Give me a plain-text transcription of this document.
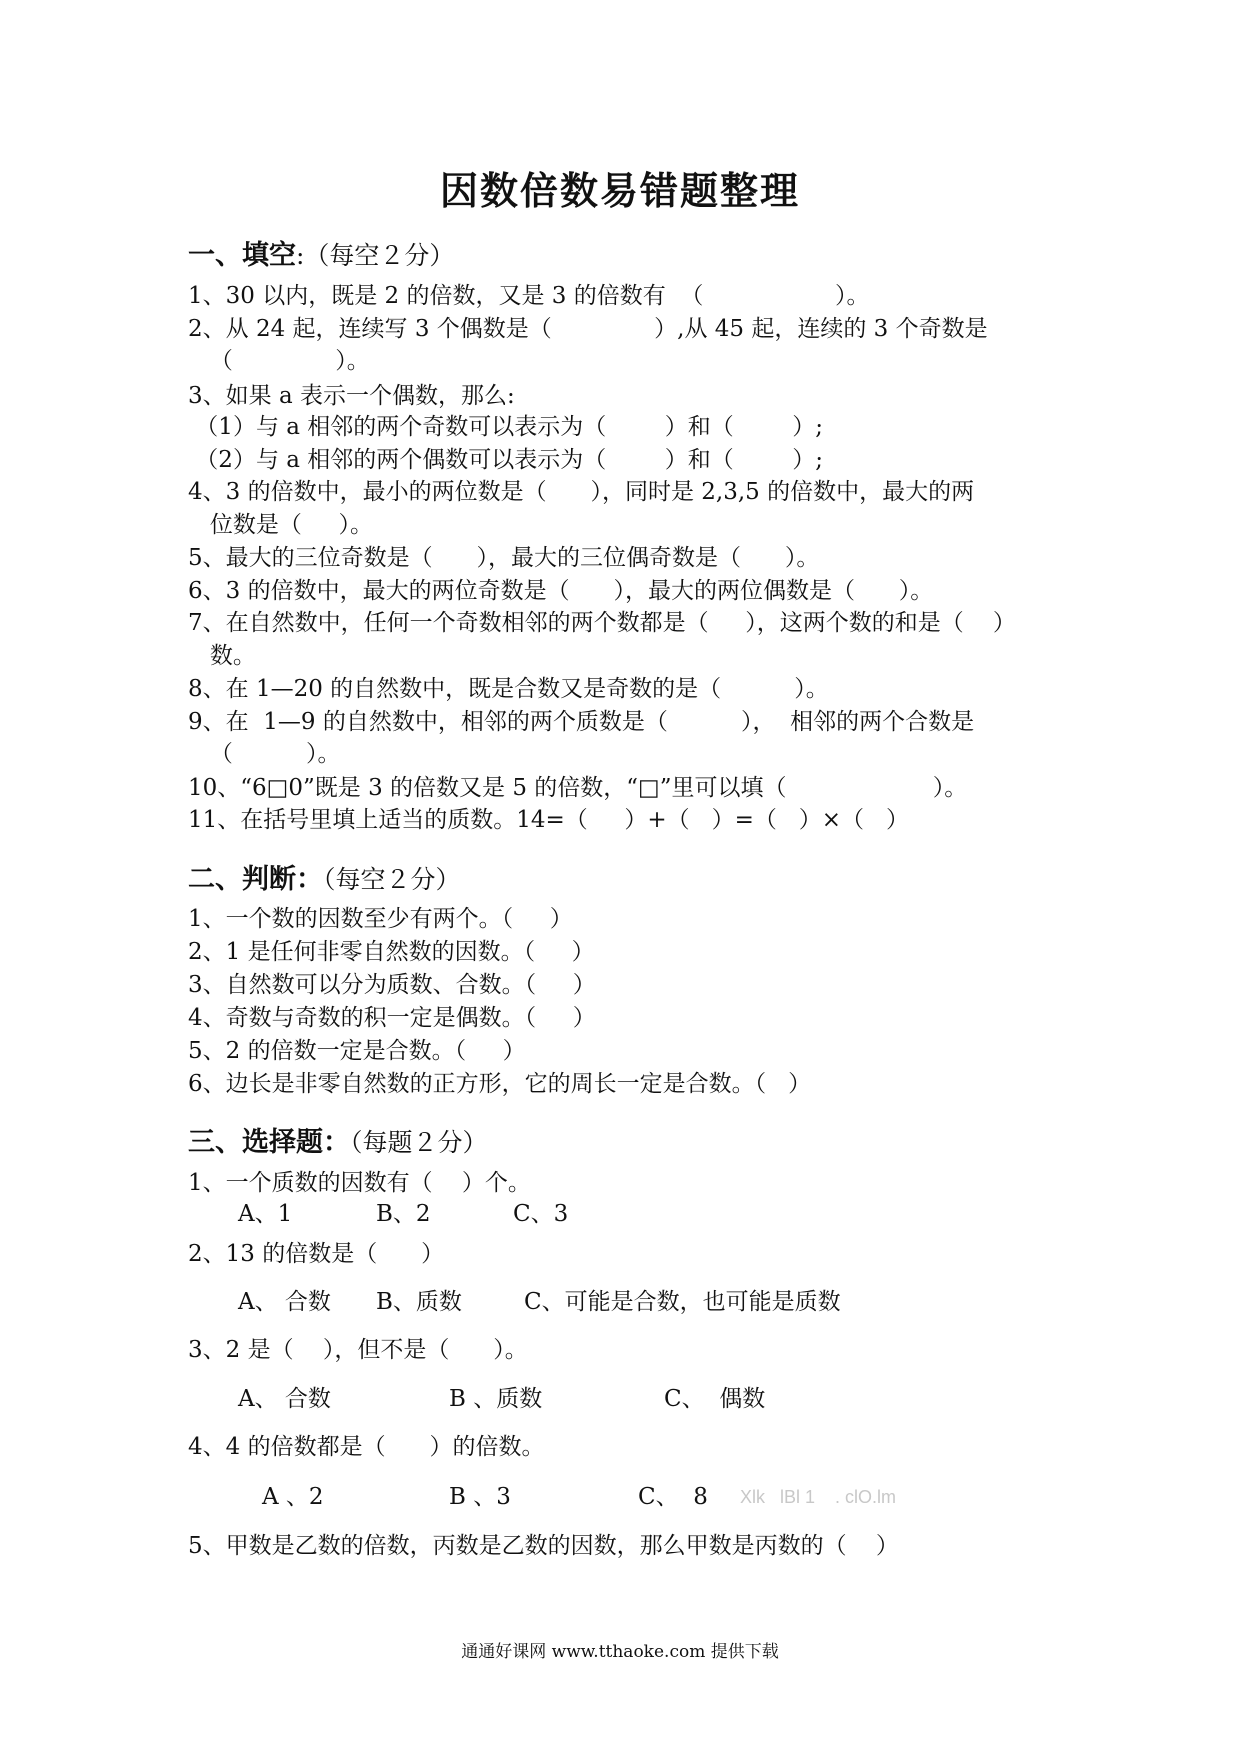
因数倍数易错题整理
一、填空:（每空２分）
1、30 以内，既是 2 的倍数，又是 3 的倍数有  （                  ）。
2、从 24 起，连续写 3 个偶数是（              ）,从 45 起，连续的 3 个奇数是
（              ）。
3、如果 a 表示一个偶数，那么:
（1）与 a 相邻的两个奇数可以表示为（        ）和（        ）;
（2）与 a 相邻的两个偶数可以表示为（        ）和（        ）;
4、3 的倍数中，最小的两位数是（      ），同时是 2,3,5 的倍数中，最大的两
位数是（     ）。
5、最大的三位奇数是（      ），最大的三位偶奇数是（      ）。
6、3 的倍数中，最大的两位奇数是（      ），最大的两位偶数是（      ）。
7、在自然数中，任何一个奇数相邻的两个数都是（     ），这两个数的和是（    ）
数。
8、在 1—20 的自然数中，既是合数又是奇数的是（          ）。
9、在  1—9 的自然数中，相邻的两个质数是（          ），  相邻的两个合数是
（          ）。
10、“6□0”既是 3 的倍数又是 5 的倍数，“□”里可以填（                    ）。
11、在括号里填上适当的质数。14=（     ）+（   ）=（   ）×（   ）
二、判断：（每空２分）
1、一个数的因数至少有两个。（     ）
2、1 是任何非零自然数的因数。（     ）
3、自然数可以分为质数、合数。（     ）
4、奇数与奇数的积一定是偶数。（     ）
5、2 的倍数一定是合数。（     ）
6、边长是非零自然数的正方形，它的周长一定是合数。（   ）
三、选择题：（每题２分）
1、一个质数的因数有（    ）个。
A、1	B、2	C、3
2、13 的倍数是（      ）
A、 合数 B、质数	C、可能是合数，也可能是质数
3、2 是（    ），但不是（      ）。
A、 合数	B 、质数	C、  偶数
4、4 的倍数都是（      ）的倍数。
A 、2	B 、3	C、  8 Xlk   lBl 1    . clO.lm
5、甲数是乙数的倍数，丙数是乙数的因数，那么甲数是丙数的（    ）
通通好课网 www.tthaoke.com 提供下载
